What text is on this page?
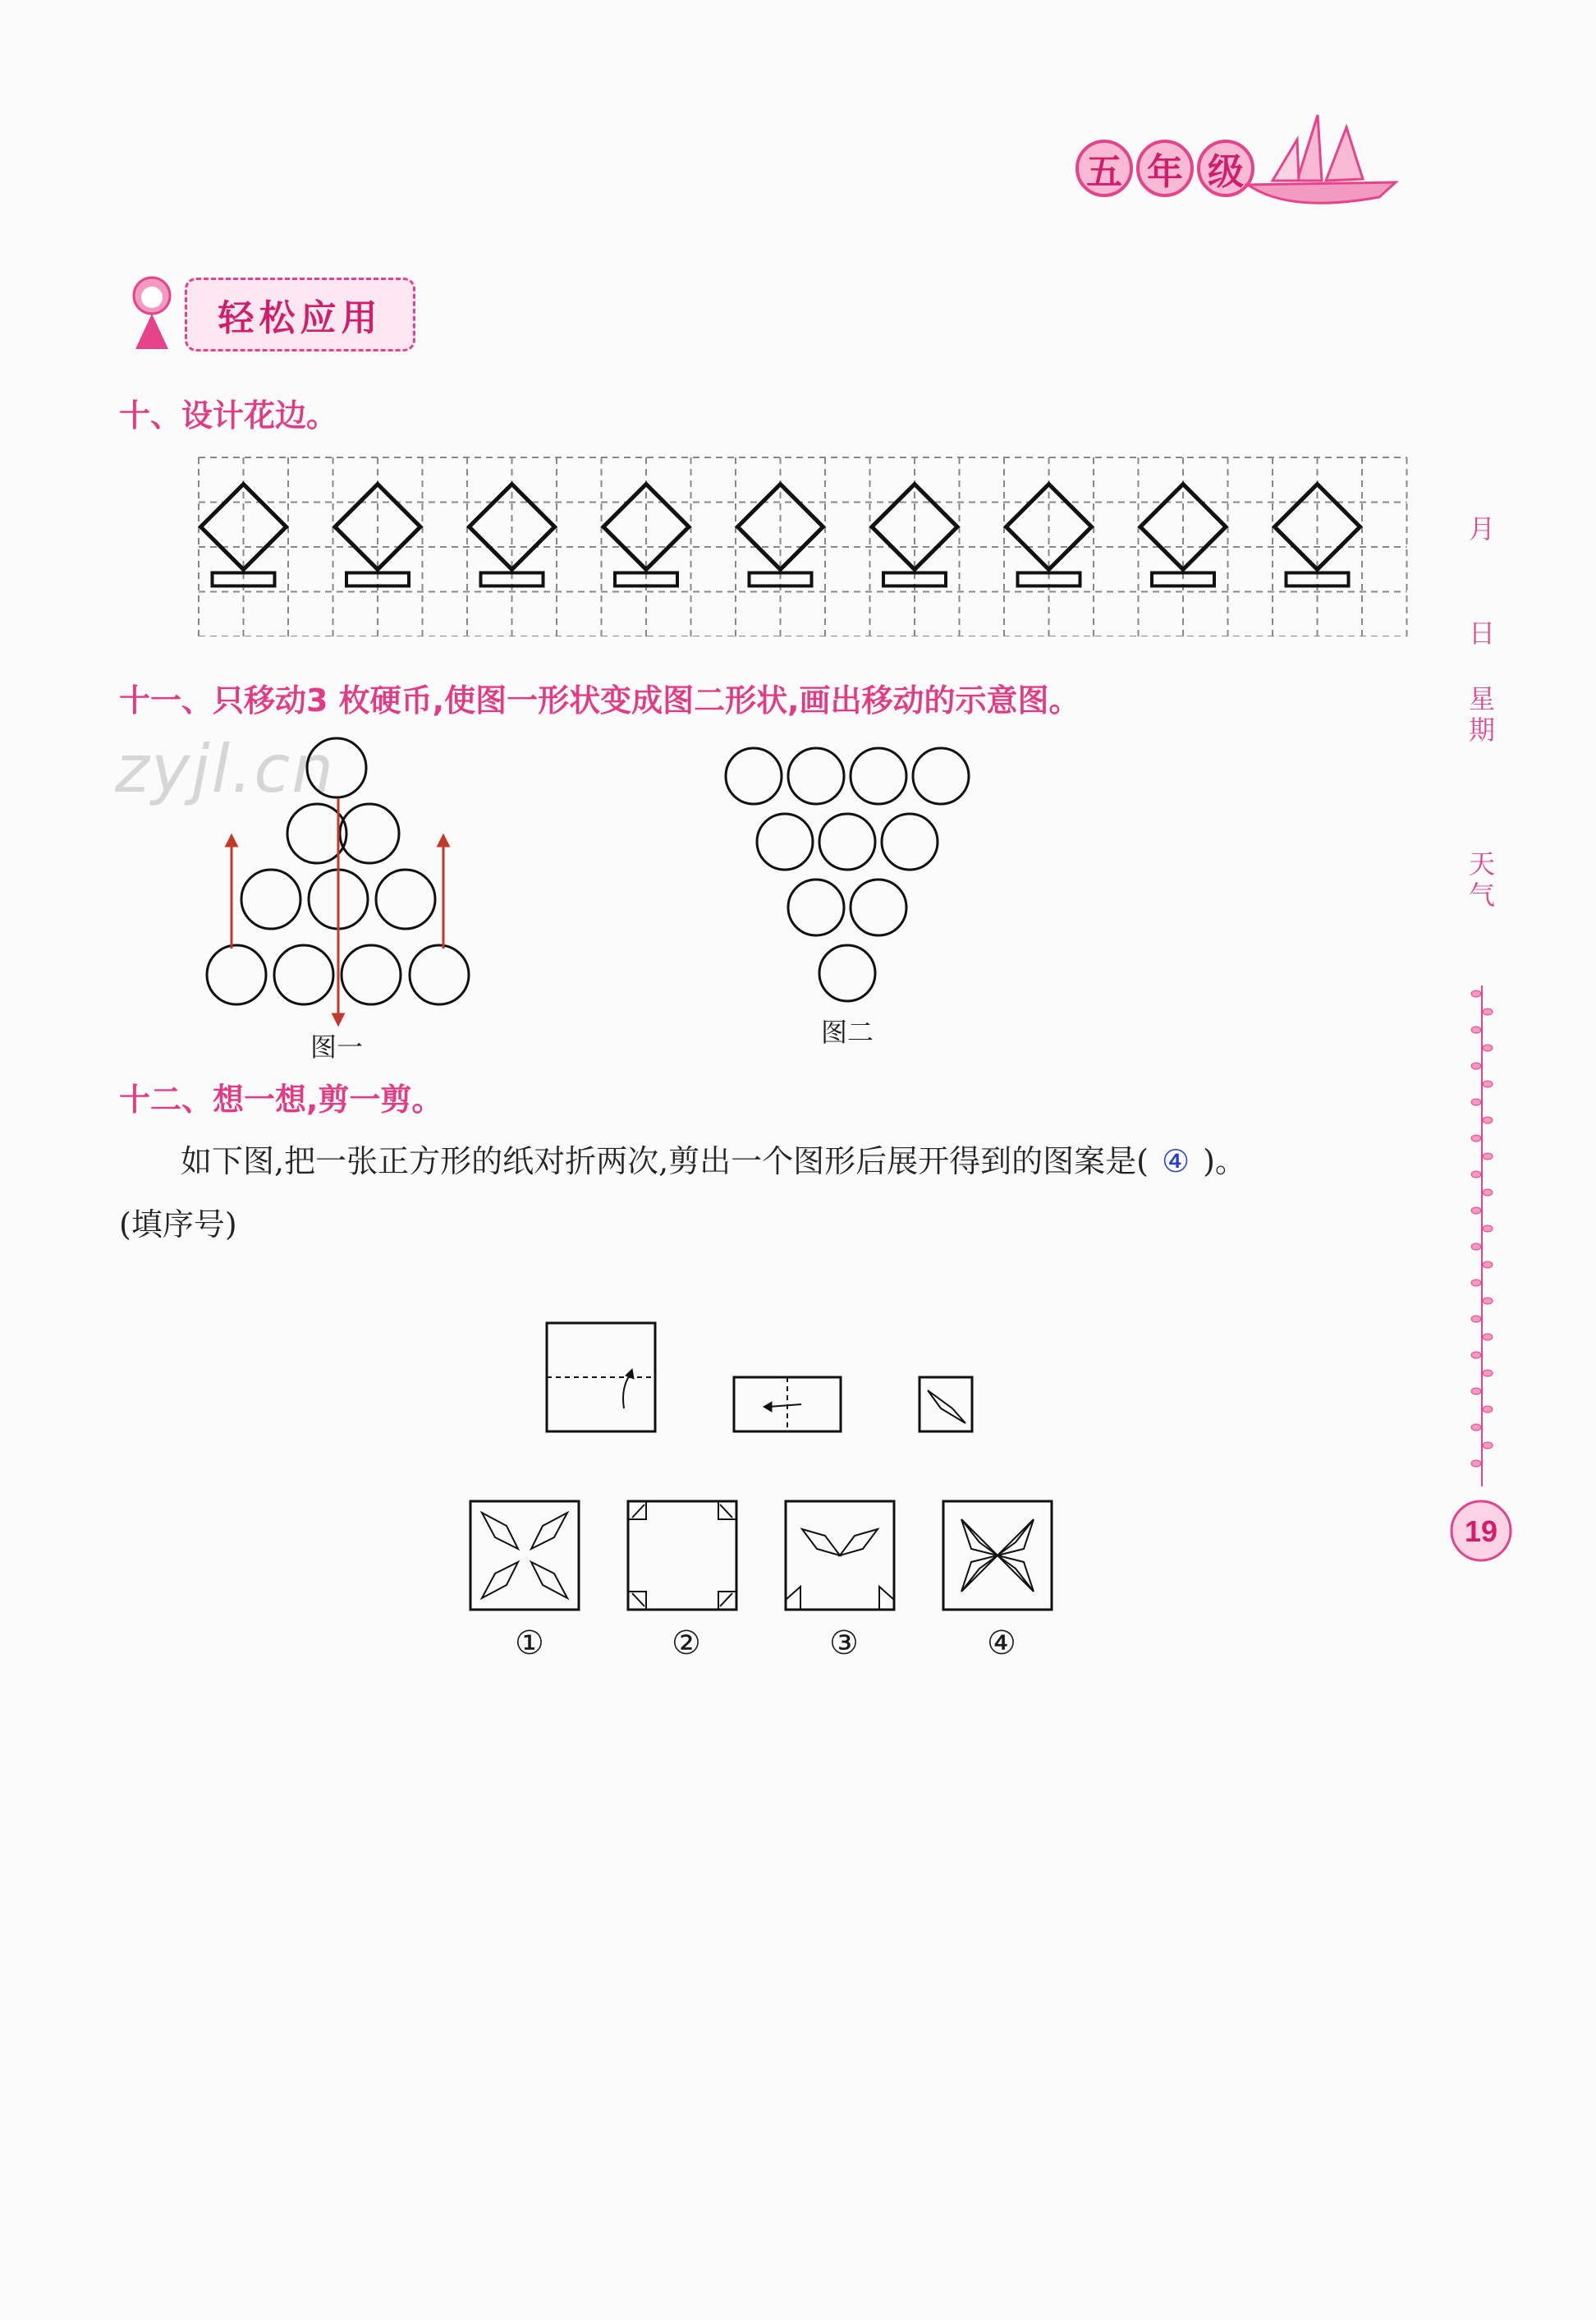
五 年 级
轻松应用
十、设计花边。
十一、只移动3 枚硬币,使图一形状变成图二形状,画出移动的示意图。
zyjl.cn
图一	图二
十二、想一想,剪一剪。
如下图,把一张正方形的纸对折两次,剪出一个图形后展开得到的图案是( ④ )。
(填序号)
①	②	③	④
月
日
星期
天气
19
